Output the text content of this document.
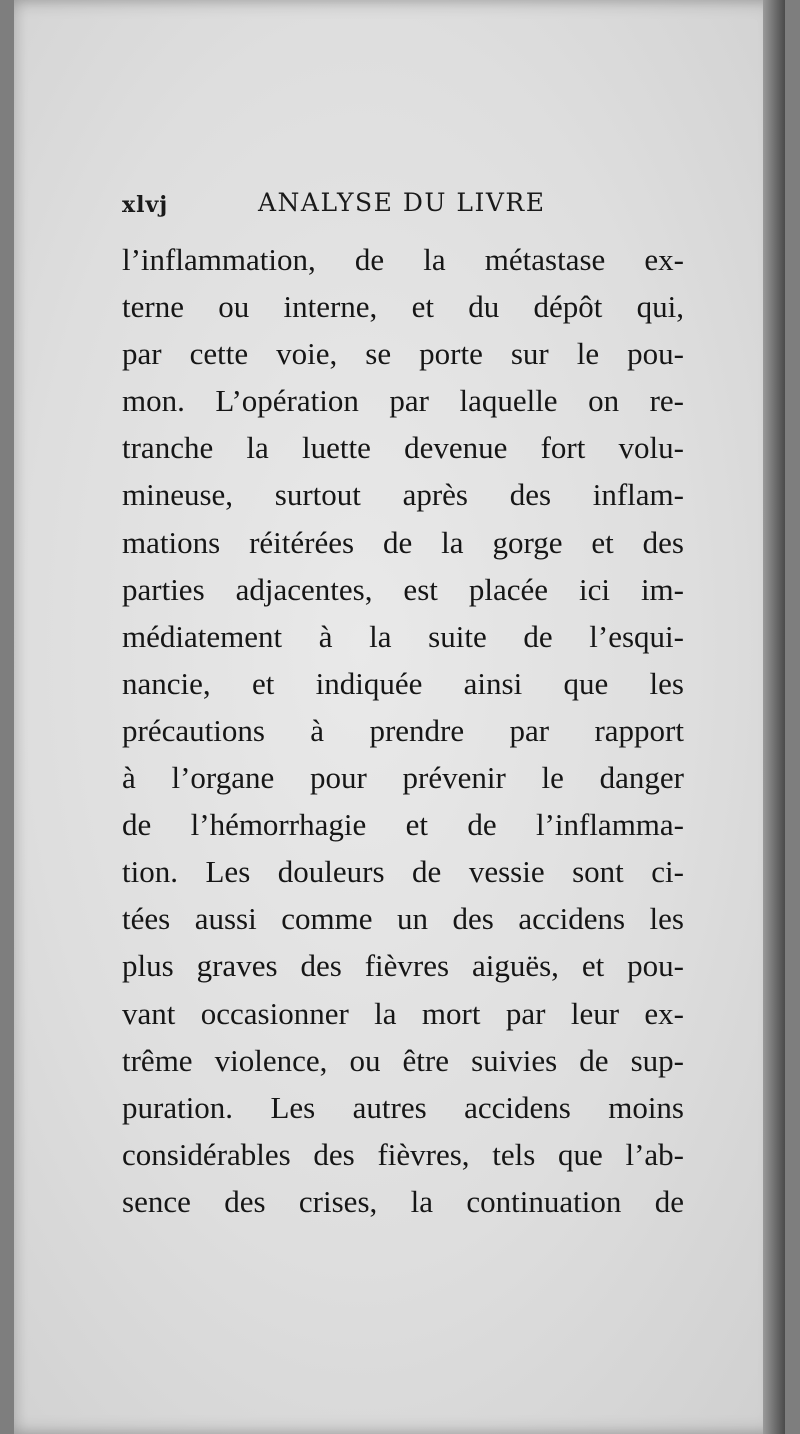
xlvj	ANALYSE DU LIVRE
l’inflammation, de la métastase ex-
terne ou interne, et du dépôt qui,
par cette voie, se porte sur le pou-
mon. L’opération par laquelle on re-
tranche la luette devenue fort volu-
mineuse, surtout après des inflam-
mations réitérées de la gorge et des
parties adjacentes, est placée ici im-
médiatement à la suite de l’esqui-
nancie, et indiquée ainsi que les
précautions à prendre par rapport
à l’organe pour prévenir le danger
de l’hémorrhagie et de l’inflamma-
tion. Les douleurs de vessie sont ci-
tées aussi comme un des accidens les
plus graves des fièvres aiguës, et pou-
vant occasionner la mort par leur ex-
trême violence, ou être suivies de sup-
puration. Les autres accidens moins
considérables des fièvres, tels que l’ab-
sence des crises, la continuation de
